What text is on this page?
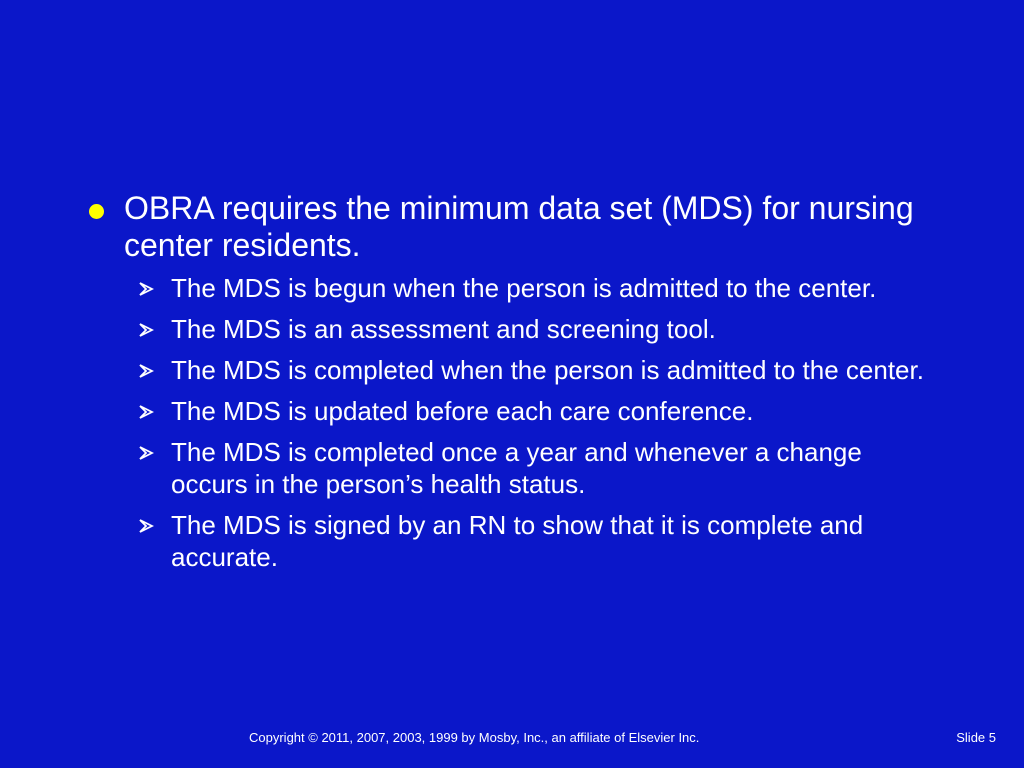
OBRA requires the minimum data set (MDS) for nursing center residents.
The MDS is begun when the person is admitted to the center.
The MDS is an assessment and screening tool.
The MDS is completed when the person is admitted to the center.
The MDS is updated before each care conference.
The MDS is completed once a year and whenever a change occurs in the person’s health status.
The MDS is signed by an RN to show that it is complete and accurate.
Copyright © 2011, 2007, 2003, 1999 by Mosby, Inc., an affiliate of Elsevier Inc.	Slide 5
